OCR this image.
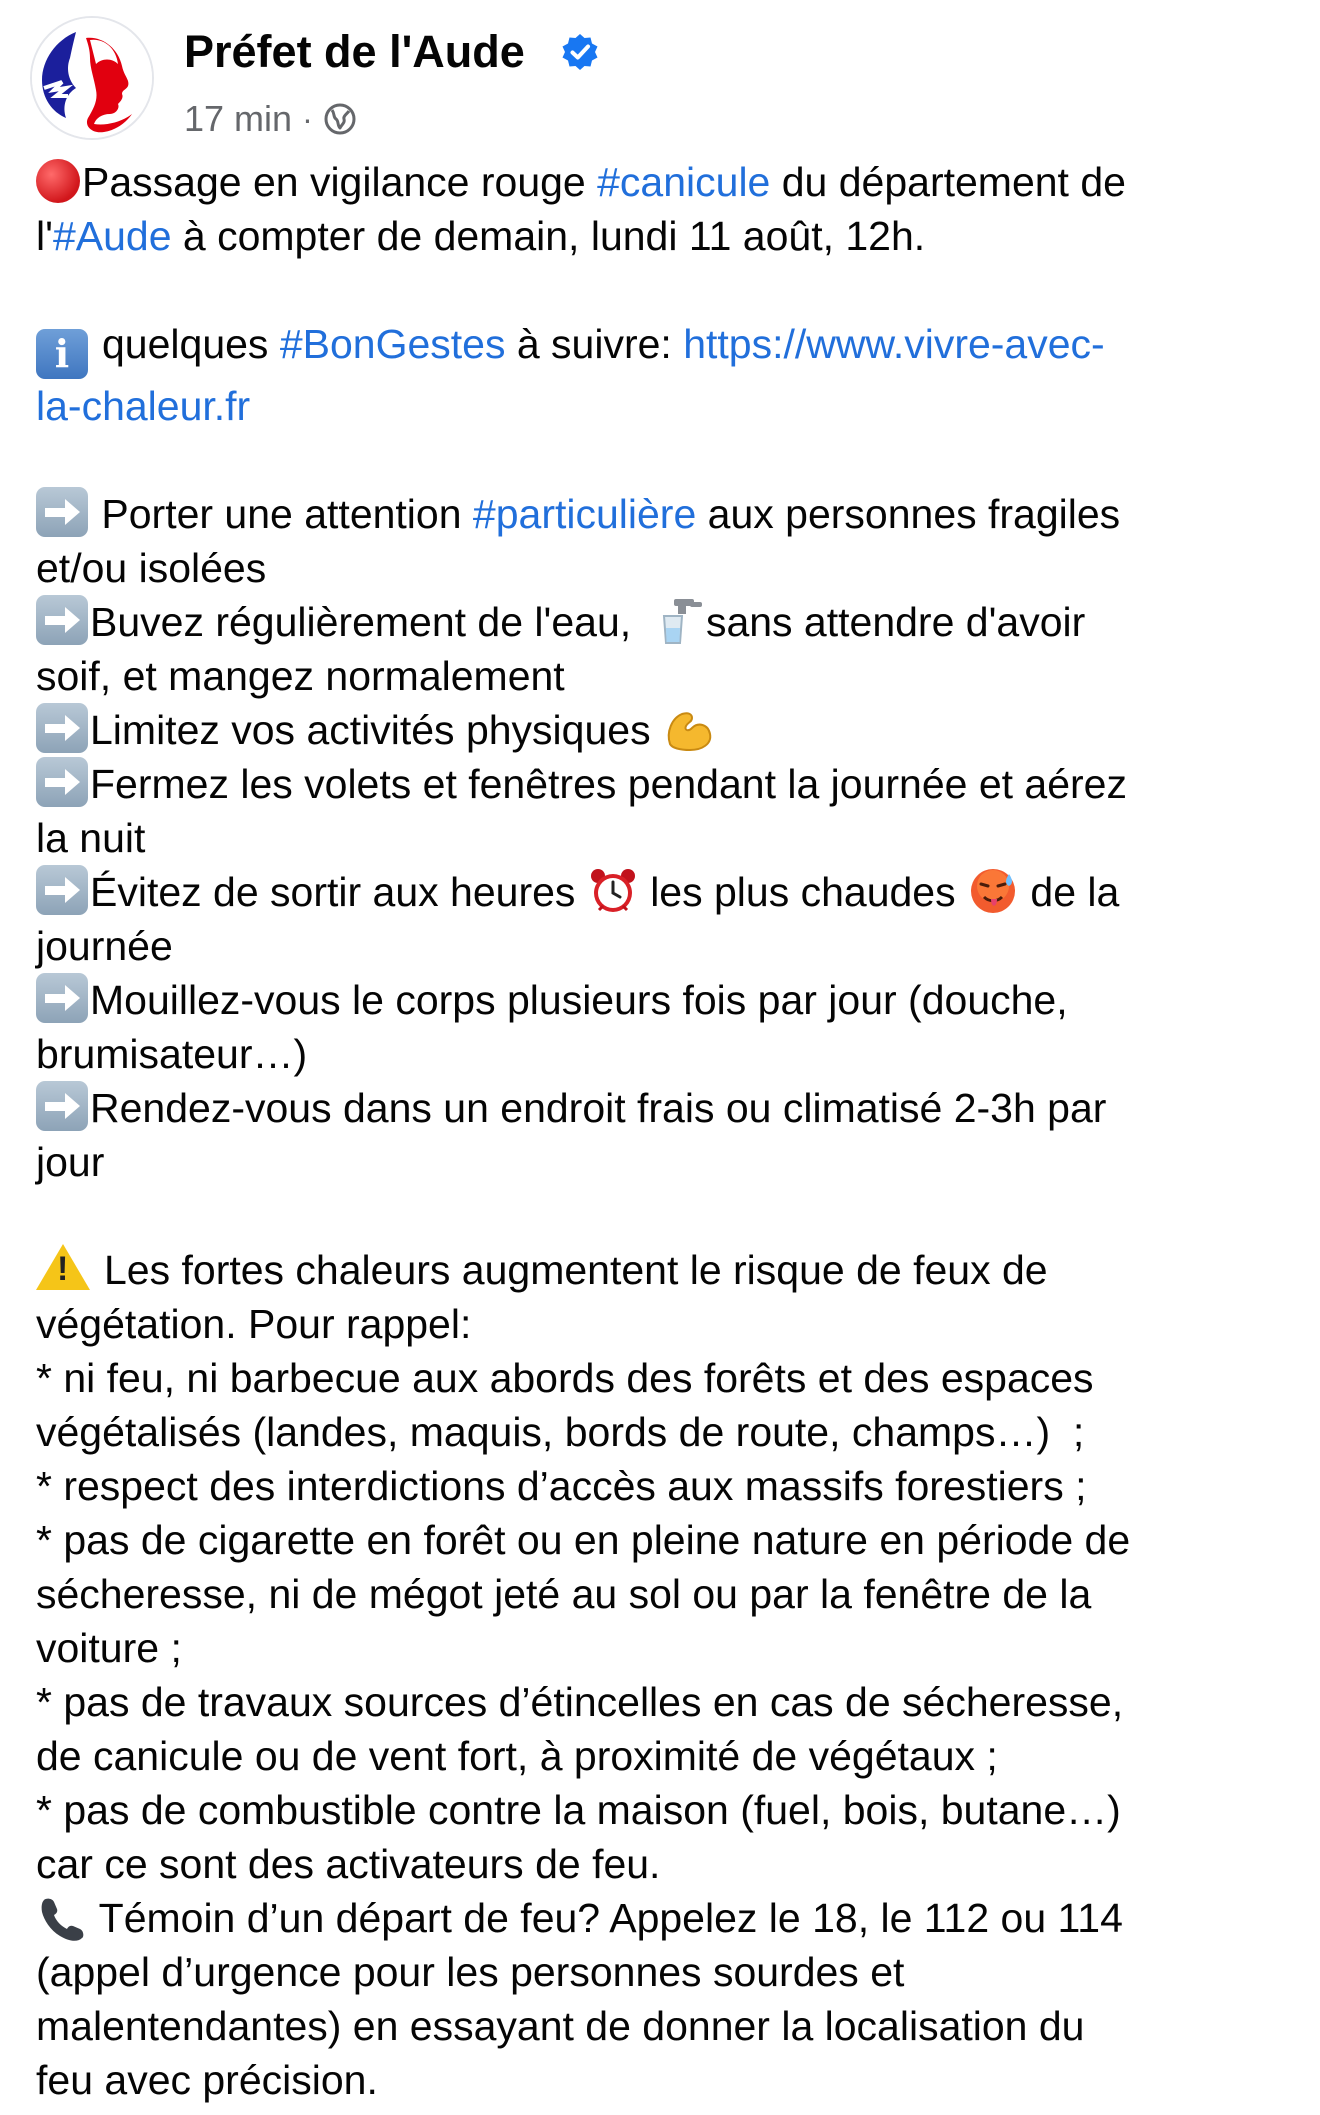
Préfet de l'Aude
17 min ·
Passage en vigilance rouge #canicule du département de
l'#Aude à compter de demain, lundi 11 août, 12h.
i quelques #BonGestes à suivre: https://www.vivre-avec-
la-chaleur.fr
Porter une attention #particulière aux personnes fragiles
et/ou isolées
Buvez régulièrement de l'eau,  sans attendre d'avoir
soif, et mangez normalement
Limitez vos activités physiques
Fermez les volets et fenêtres pendant la journée et aérez
la nuit
Évitez de sortir aux heures  les plus chaudes  de la
journée
Mouillez-vous le corps plusieurs fois par jour (douche,
brumisateur…)
Rendez-vous dans un endroit frais ou climatisé 2-3h par
jour
!Les fortes chaleurs augmentent le risque de feux de
végétation. Pour rappel:
* ni feu, ni barbecue aux abords des forêts et des espaces
végétalisés (landes, maquis, bords de route, champs…)  ;
* respect des interdictions d’accès aux massifs forestiers ;
* pas de cigarette en forêt ou en pleine nature en période de
sécheresse, ni de mégot jeté au sol ou par la fenêtre de la
voiture ;
* pas de travaux sources d’étincelles en cas de sécheresse,
de canicule ou de vent fort, à proximité de végétaux ;
* pas de combustible contre la maison (fuel, bois, butane…)
car ce sont des activateurs de feu.
Témoin d’un départ de feu? Appelez le 18, le 112 ou 114
(appel d’urgence pour les personnes sourdes et
malentendantes) en essayant de donner la localisation du
feu avec précision.
